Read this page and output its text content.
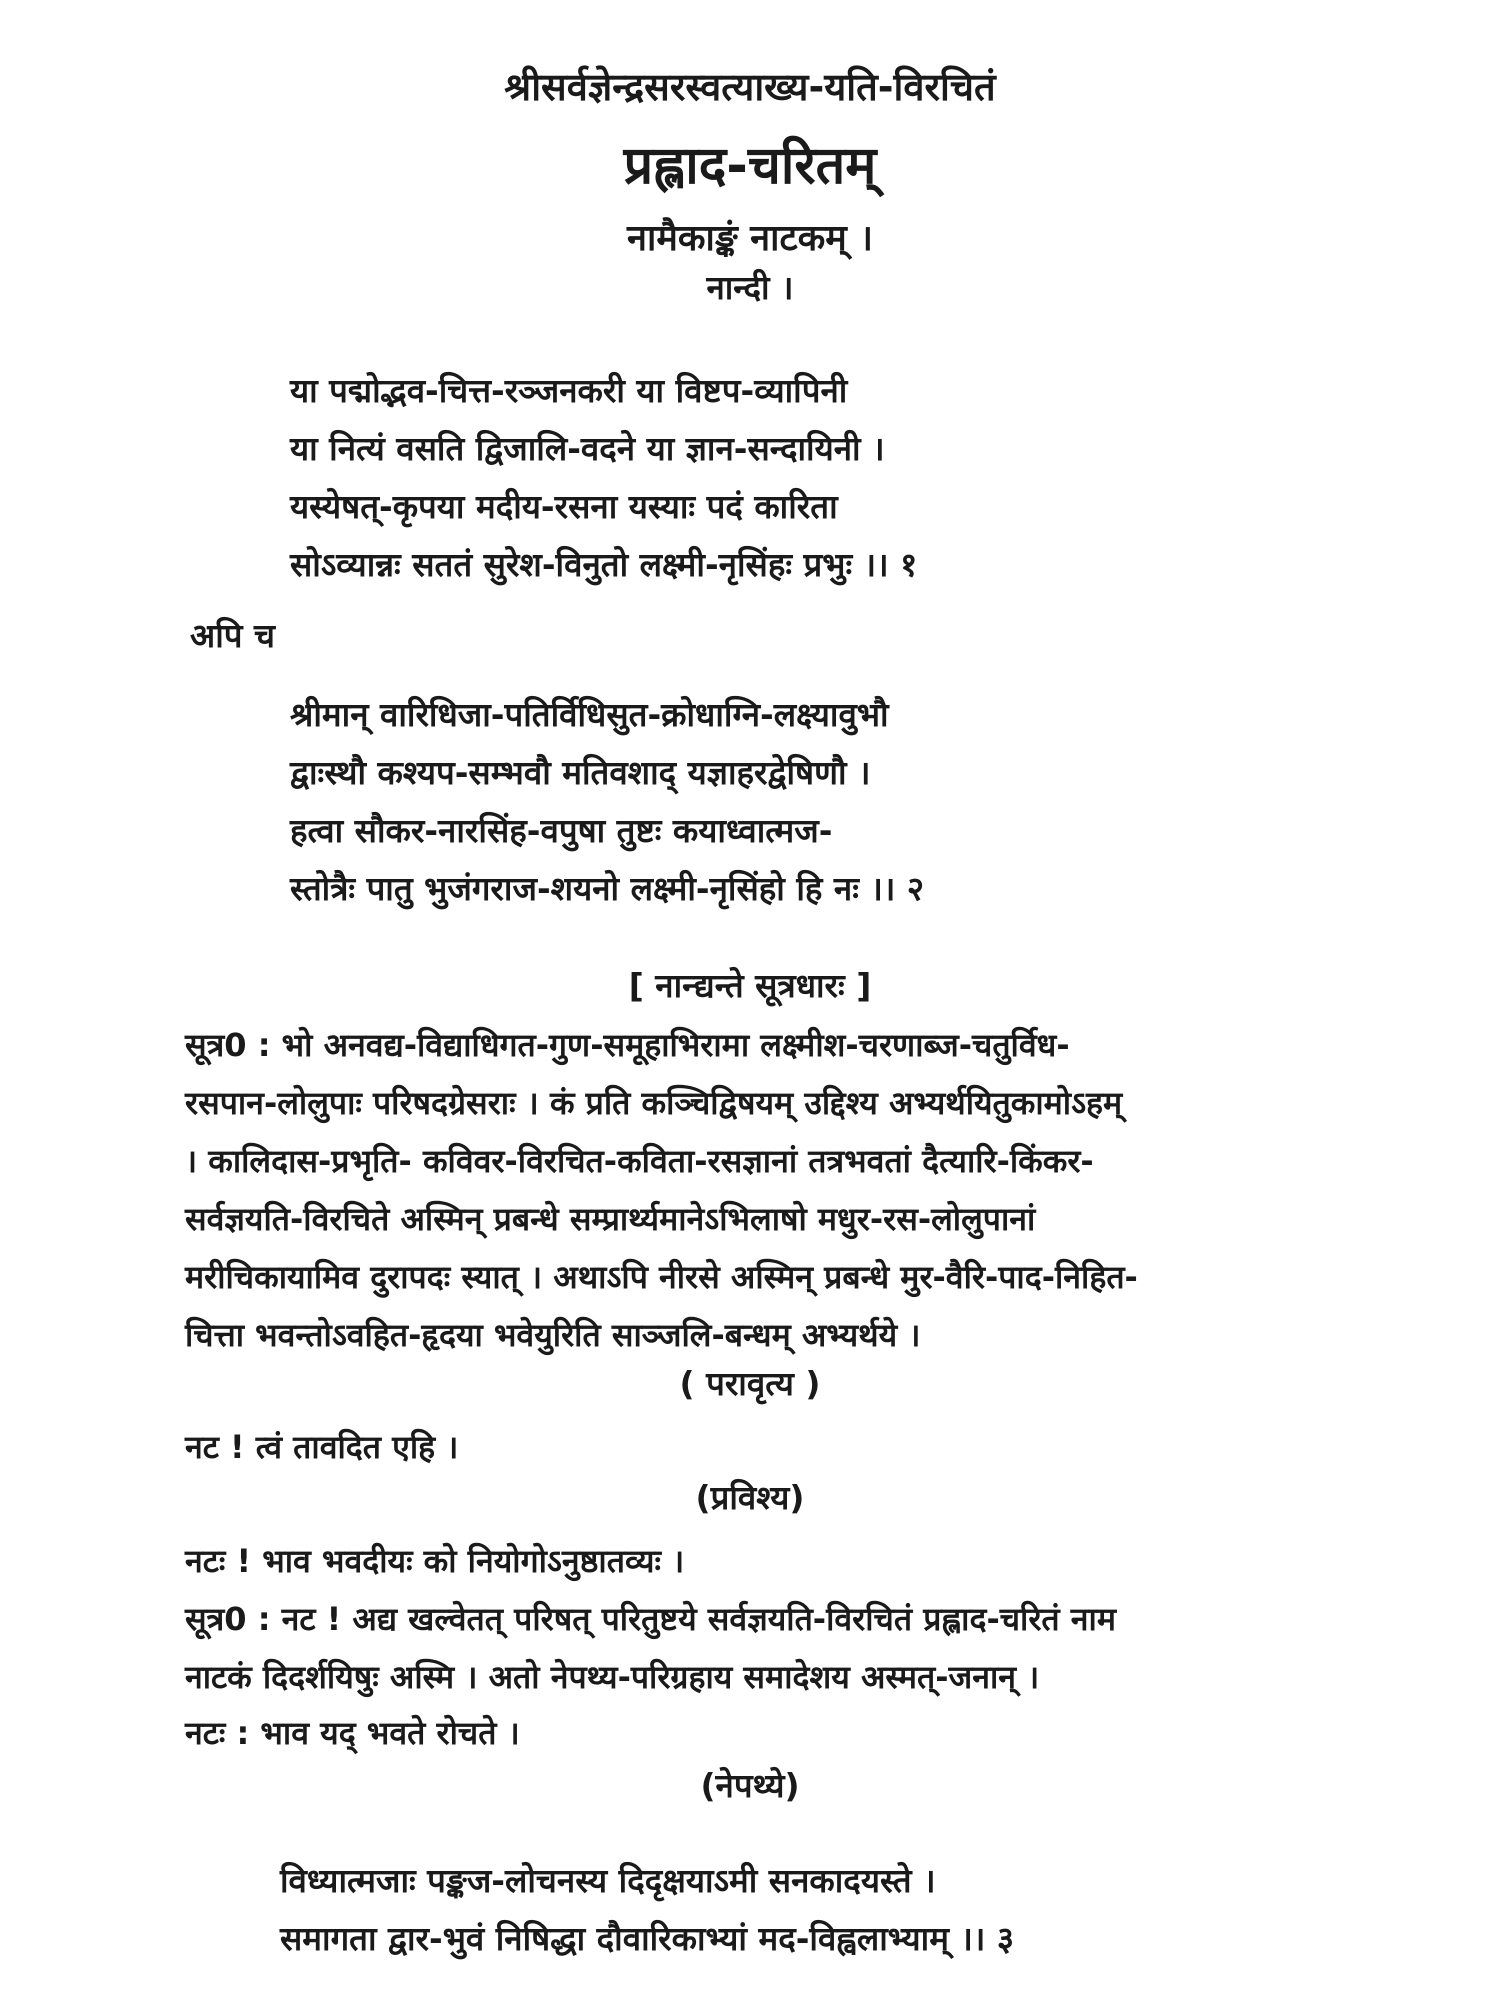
श्रीसर्वज्ञेन्द्रसरस्वत्याख्य-यति-विरचितं
प्रह्लाद-चरितम्
नामैकाङ्कं नाटकम् ।
नान्दी ।
या पद्मोद्भव-चित्त-रञ्जनकरी या विष्टप-व्यापिनी
या नित्यं वसति द्विजालि-वदने या ज्ञान-सन्दायिनी ।
यस्येषत्-कृपया मदीय-रसना यस्याः पदं कारिता
सोऽव्यान्नः सततं सुरेश-विनुतो लक्ष्मी-नृसिंहः प्रभुः ।। १
अपि च
श्रीमान् वारिधिजा-पतिर्विधिसुत-क्रोधाग्नि-लक्ष्यावुभौ
द्वाःस्थौ कश्यप-सम्भवौ मतिवशाद् यज्ञाहरद्वेषिणौ ।
हत्वा सौकर-नारसिंह-वपुषा तुष्टः कयाध्वात्मज-
स्तोत्रैः पातु भुजंगराज-शयनो लक्ष्मी-नृसिंहो हि नः ।। २
[ नान्द्यन्ते सूत्रधारः ]
सूत्र0 : भो अनवद्य-विद्याधिगत-गुण-समूहाभिरामा लक्ष्मीश-चरणाब्ज-चतुर्विध-
रसपान-लोलुपाः परिषदग्रेसराः । कं प्रति कञ्चिद्विषयम् उद्दिश्य अभ्यर्थयितुकामोऽहम्
। कालिदास-प्रभृति- कविवर-विरचित-कविता-रसज्ञानां तत्रभवतां दैत्यारि-किंकर-
सर्वज्ञयति-विरचिते अस्मिन् प्रबन्धे सम्प्रार्थ्यमानेऽभिलाषो मधुर-रस-लोलुपानां
मरीचिकायामिव दुरापदः स्यात् । अथाऽपि नीरसे अस्मिन् प्रबन्धे मुर-वैरि-पाद-निहित-
चित्ता भवन्तोऽवहित-हृदया भवेयुरिति साञ्जलि-बन्धम् अभ्यर्थये ।
( परावृत्य )
नट ! त्वं तावदित एहि ।
(प्रविश्य)
नटः ! भाव भवदीयः को नियोगोऽनुष्ठातव्यः ।
सूत्र0 : नट ! अद्य खल्वेतत् परिषत् परितुष्टये सर्वज्ञयति-विरचितं प्रह्लाद-चरितं नाम
नाटकं दिदर्शयिषुः अस्मि । अतो नेपथ्य-परिग्रहाय समादेशय अस्मत्-जनान् ।
नटः : भाव यद् भवते रोचते ।
(नेपथ्ये)
विध्यात्मजाः पङ्कज-लोचनस्य दिदृक्षयाऽमी सनकादयस्ते ।
समागता द्वार-भुवं निषिद्धा दौवारिकाभ्यां मद-विह्वलाभ्याम् ।। ३
